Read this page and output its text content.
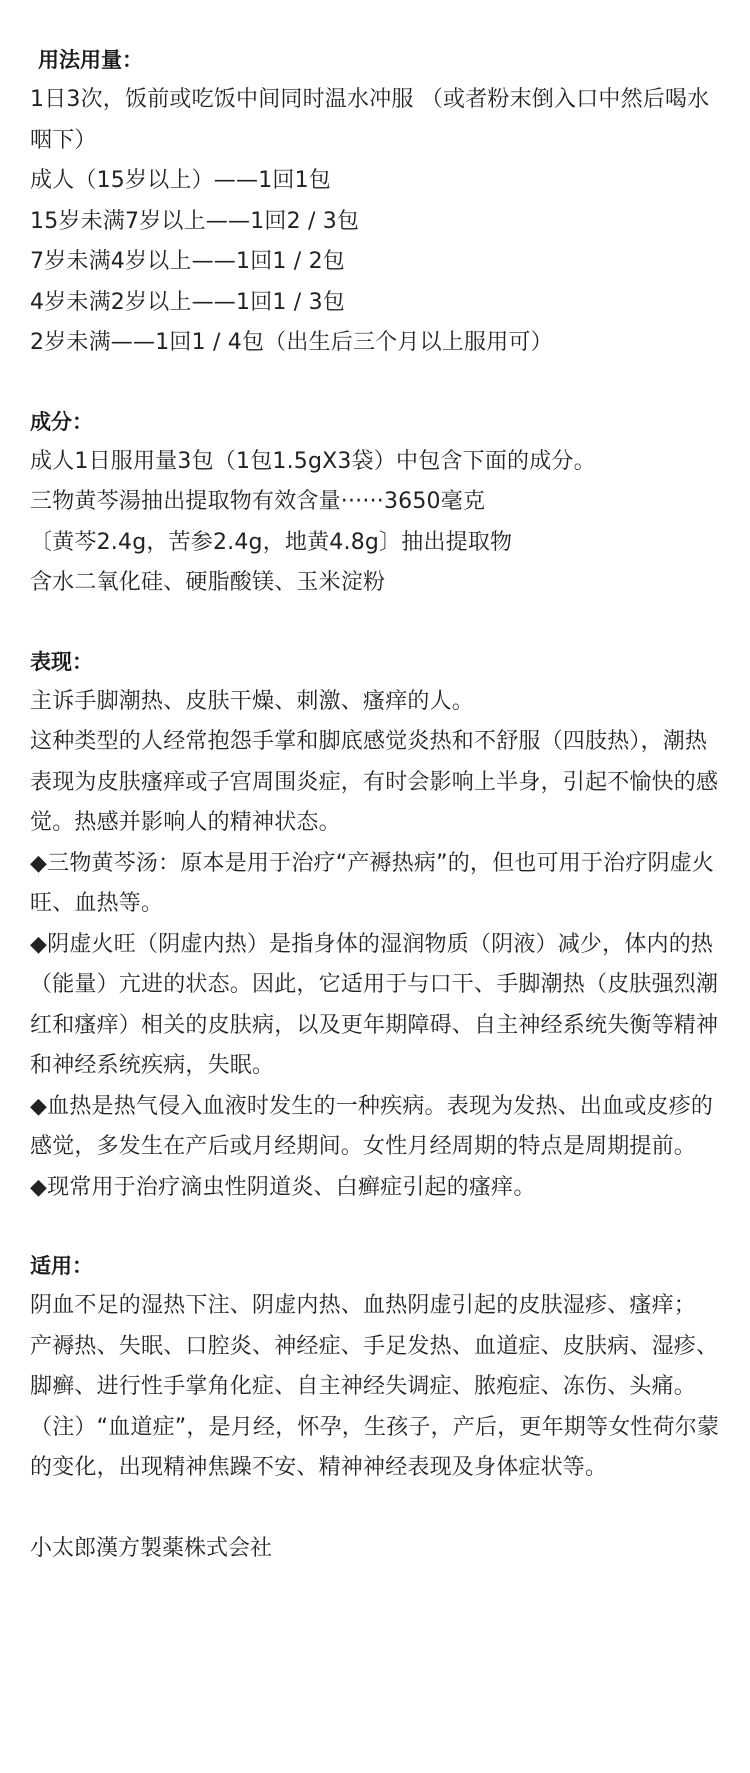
用法用量：

1日3次，饭前或吃饭中间同时温水冲服 （或者粉末倒入口中然后喝水咽下）

成人（15岁以上）——1回1包

15岁未满7岁以上——1回2 / 3包

7岁未满4岁以上——1回1 / 2包

4岁未满2岁以上——1回1 / 3包

2岁未满——1回1 / 4包（出生后三个月以上服用可）

成分：

成人1日服用量3包（1包1.5gX3袋）中包含下面的成分。

三物黄芩湯抽出提取物有效含量······3650毫克

〔黄芩2.4g，苦参2.4g，地黄4.8g〕抽出提取物

含水二氧化硅、硬脂酸镁、玉米淀粉

表现：

主诉手脚潮热、皮肤干燥、刺激、瘙痒的人。

这种类型的人经常抱怨手掌和脚底感觉炎热和不舒服（四肢热），潮热表现为皮肤瘙痒或子宫周围炎症，有时会影响上半身，引起不愉快的感觉。热感并影响人的精神状态。

◆三物黄芩汤：原本是用于治疗“产褥热病”的，但也可用于治疗阴虚火旺、血热等。

◆阴虚火旺（阴虚内热）是指身体的湿润物质（阴液）减少，体内的热（能量）亢进的状态。因此，它适用于与口干、手脚潮热（皮肤强烈潮红和瘙痒）相关的皮肤病，以及更年期障碍、自主神经系统失衡等精神和神经系统疾病，失眠。

◆血热是热气侵入血液时发生的一种疾病。表现为发热、出血或皮疹的感觉，多发生在产后或月经期间。女性月经周期的特点是周期提前。

◆现常用于治疗滴虫性阴道炎、白癣症引起的瘙痒。

适用：

阴血不足的湿热下注、阴虚内热、血热阴虚引起的皮肤湿疹、瘙痒；

产褥热、失眠、口腔炎、神经症、手足发热、血道症、皮肤病、湿疹、脚癣、进行性手掌角化症、自主神经失调症、脓疱症、冻伤、头痛。

（注）“血道症”，是月经，怀孕，生孩子，产后，更年期等女性荷尔蒙的变化，出现精神焦躁不安、精神神经表现及身体症状等。

小太郎漢方製薬株式会社
